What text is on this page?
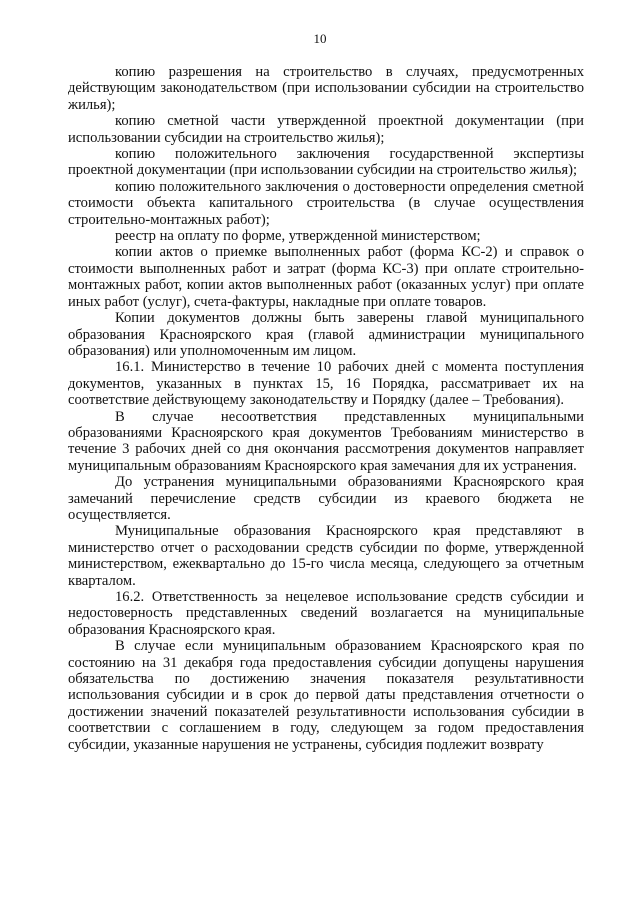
10

копию разрешения на строительство в случаях, предусмотренных действующим законодательством (при использовании субсидии на строительство жилья);

копию сметной части утвержденной проектной документации (при использовании субсидии на строительство жилья);

копию положительного заключения государственной экспертизы проектной документации (при использовании субсидии на строительство жилья);

копию положительного заключения о достоверности определения сметной стоимости объекта капитального строительства (в случае осуществления строительно-монтажных работ);

реестр на оплату по форме, утвержденной министерством;

копии актов о приемке выполненных работ (форма КС-2) и справок о стоимости выполненных работ и затрат (форма КС-3) при оплате строительно-монтажных работ, копии актов выполненных работ (оказанных услуг) при оплате иных работ (услуг), счета-фактуры, накладные при оплате товаров.

Копии документов должны быть заверены главой муниципального образования Красноярского края (главой администрации муниципального образования) или уполномоченным им лицом.

16.1. Министерство в течение 10 рабочих дней с момента поступления документов, указанных в пунктах 15, 16 Порядка, рассматривает их на соответствие действующему законодательству и Порядку (далее – Требования).

В случае несоответствия представленных муниципальными образованиями Красноярского края документов Требованиям министерство в течение 3 рабочих дней со дня окончания рассмотрения документов направляет муниципальным образованиям Красноярского края замечания для их устранения.

До устранения муниципальными образованиями Красноярского края замечаний перечисление средств субсидии из краевого бюджета не осуществляется.

Муниципальные образования Красноярского края представляют в министерство отчет о расходовании средств субсидии по форме, утвержденной министерством, ежеквартально до 15-го числа месяца, следующего за отчетным кварталом.

16.2. Ответственность за нецелевое использование средств субсидии и недостоверность представленных сведений возлагается на муниципальные образования Красноярского края.

В случае если муниципальным образованием Красноярского края по состоянию на 31 декабря года предоставления субсидии допущены нарушения обязательства по достижению значения показателя результативности использования субсидии и в срок до первой даты представления отчетности о достижении значений показателей результативности использования субсидии в соответствии с соглашением в году, следующем за годом предоставления субсидии, указанные нарушения не устранены, субсидия подлежит возврату
